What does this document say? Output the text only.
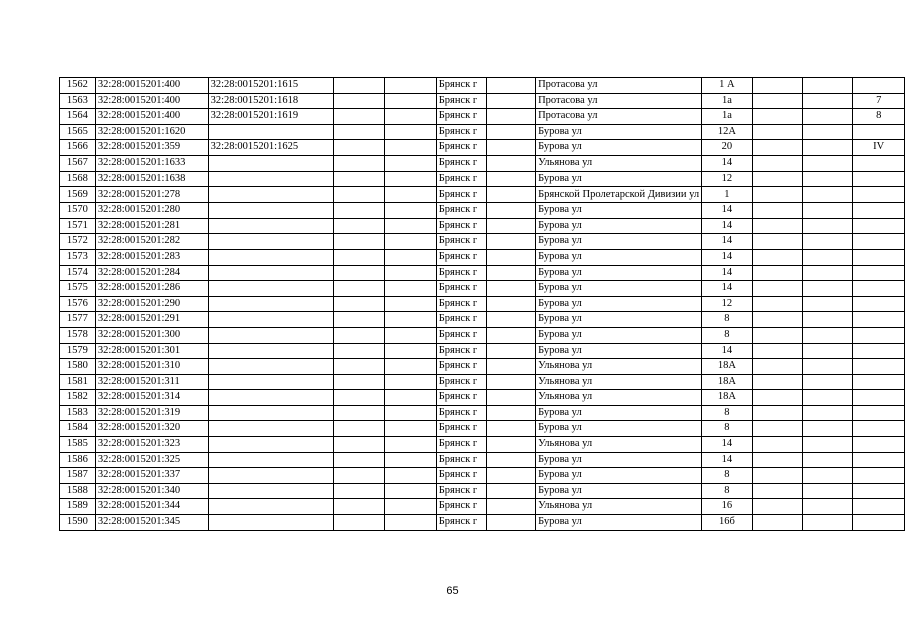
1562	32:28:0015201:400	32:28:0015201:1615			Брянск г		Протасова ул	1 А			
1563	32:28:0015201:400	32:28:0015201:1618			Брянск г		Протасова ул	1а			7
1564	32:28:0015201:400	32:28:0015201:1619			Брянск г		Протасова ул	1а			8
1565	32:28:0015201:1620				Брянск г		Бурова ул	12А			
1566	32:28:0015201:359	32:28:0015201:1625			Брянск г		Бурова ул	20			IV
1567	32:28:0015201:1633				Брянск г		Ульянова ул	14			
1568	32:28:0015201:1638				Брянск г		Бурова ул	12			
1569	32:28:0015201:278				Брянск г		Брянской Пролетарской Дивизии ул	1			
1570	32:28:0015201:280				Брянск г		Бурова ул	14			
1571	32:28:0015201:281				Брянск г		Бурова ул	14			
1572	32:28:0015201:282				Брянск г		Бурова ул	14			
1573	32:28:0015201:283				Брянск г		Бурова ул	14			
1574	32:28:0015201:284				Брянск г		Бурова ул	14			
1575	32:28:0015201:286				Брянск г		Бурова ул	14			
1576	32:28:0015201:290				Брянск г		Бурова ул	12			
1577	32:28:0015201:291				Брянск г		Бурова ул	8			
1578	32:28:0015201:300				Брянск г		Бурова ул	8			
1579	32:28:0015201:301				Брянск г		Бурова ул	14			
1580	32:28:0015201:310				Брянск г		Ульянова ул	18А			
1581	32:28:0015201:311				Брянск г		Ульянова ул	18А			
1582	32:28:0015201:314				Брянск г		Ульянова ул	18А			
1583	32:28:0015201:319				Брянск г		Бурова ул	8			
1584	32:28:0015201:320				Брянск г		Бурова ул	8			
1585	32:28:0015201:323				Брянск г		Ульянова ул	14			
1586	32:28:0015201:325				Брянск г		Бурова ул	14			
1587	32:28:0015201:337				Брянск г		Бурова ул	8			
1588	32:28:0015201:340				Брянск г		Бурова ул	8			
1589	32:28:0015201:344				Брянск г		Ульянова ул	16			
1590	32:28:0015201:345				Брянск г		Бурова ул	16б			
65
